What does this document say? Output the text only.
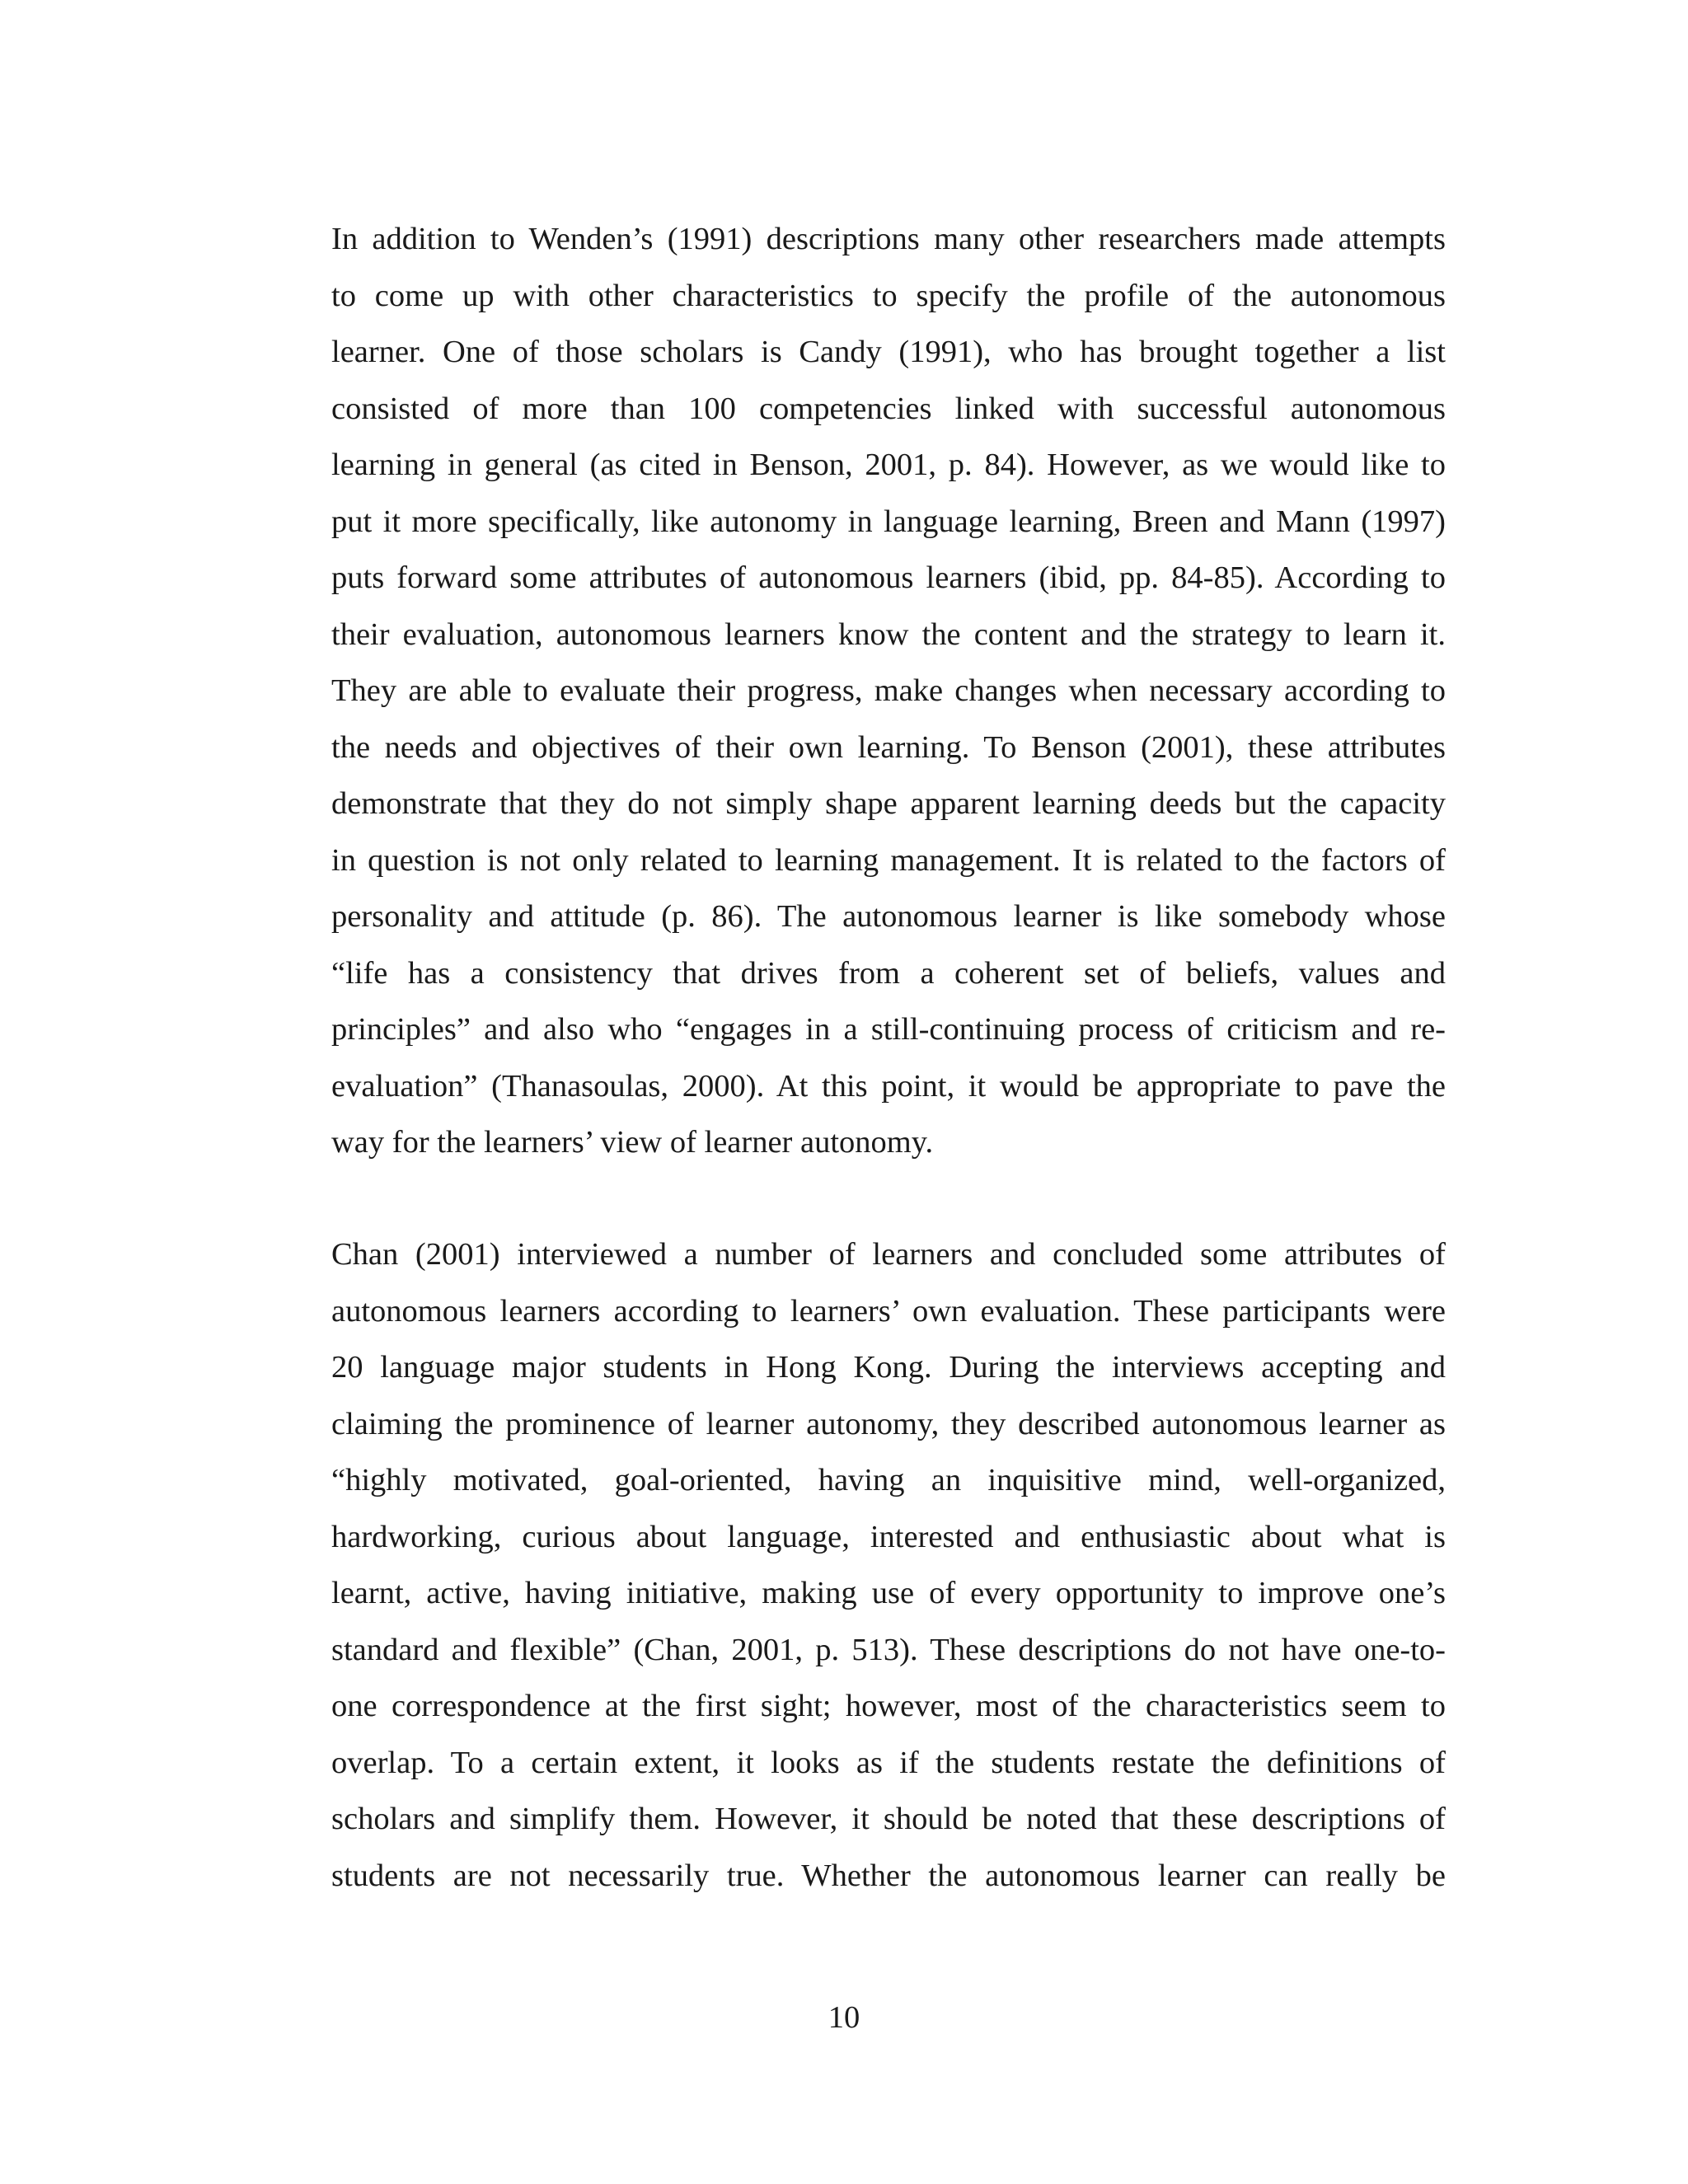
In addition to Wenden’s (1991) descriptions many other researchers made attempts
to come up with other characteristics to specify the profile of the autonomous
learner. One of those scholars is Candy (1991), who has brought together a list
consisted of more than 100 competencies linked with successful autonomous
learning in general (as cited in Benson, 2001, p. 84). However, as we would like to
put it more specifically, like autonomy in language learning, Breen and Mann (1997)
puts forward some attributes of autonomous learners (ibid, pp. 84-85). According to
their evaluation, autonomous learners know the content and the strategy to learn it.
They are able to evaluate their progress, make changes when necessary according to
the needs and objectives of their own learning. To Benson (2001), these attributes
demonstrate that they do not simply shape apparent learning deeds but the capacity
in question is not only related to learning management. It is related to the factors of
personality and attitude (p. 86). The autonomous learner is like somebody whose
“life has a consistency that drives from a coherent set of beliefs, values and
principles” and also who “engages in a still-continuing process of criticism and re-
evaluation” (Thanasoulas, 2000). At this point, it would be appropriate to pave the
way for the learners’ view of learner autonomy.
Chan (2001) interviewed a number of learners and concluded some attributes of
autonomous learners according to learners’ own evaluation. These participants were
20 language major students in Hong Kong. During the interviews accepting and
claiming the prominence of learner autonomy, they described autonomous learner as
“highly motivated, goal-oriented, having an inquisitive mind, well-organized,
hardworking, curious about language, interested and enthusiastic about what is
learnt, active, having initiative, making use of every opportunity to improve one’s
standard and flexible” (Chan, 2001, p. 513). These descriptions do not have one-to-
one correspondence at the first sight; however, most of the characteristics seem to
overlap. To a certain extent, it looks as if the students restate the definitions of
scholars and simplify them. However, it should be noted that these descriptions of
students are not necessarily true. Whether the autonomous learner can really be
10
